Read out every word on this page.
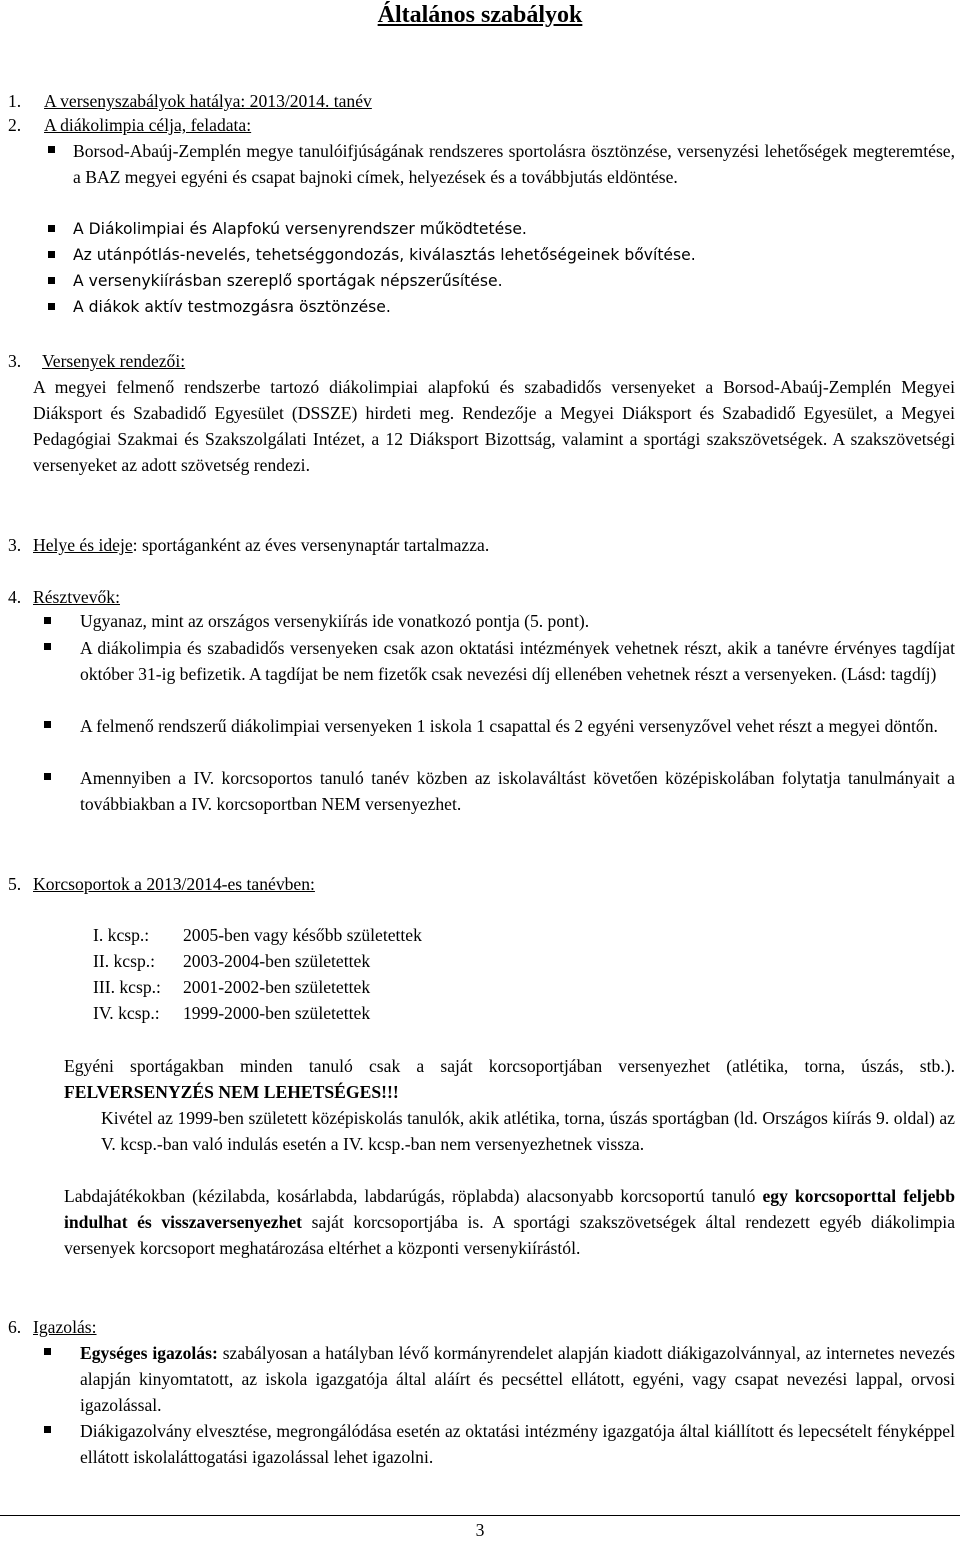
Általános szabályok
1. A versenyszabályok hatálya: 2013/2014. tanév
2. A diákolimpia célja, feladata:
Borsod-Abaúj-Zemplén megye tanulóifjúságának rendszeres sportolásra ösztönzése, versenyzési lehetőségek megteremtése, a BAZ megyei egyéni és csapat bajnoki címek, helyezések és a továbbjutás eldöntése.
A Diákolimpiai és Alapfokú versenyrendszer működtetése.
Az utánpótlás-nevelés, tehetséggondozás, kiválasztás lehetőségeinek bővítése.
A versenykiírásban szereplő sportágak népszerűsítése.
A diákok aktív testmozgásra ösztönzése.
3. Versenyek rendezői:
A megyei felmenő rendszerbe tartozó diákolimpiai alapfokú és szabadidős versenyeket a Borsod-Abaúj-Zemplén Megyei Diáksport és Szabadidő Egyesület (DSSZE) hirdeti meg. Rendezője a Megyei Diáksport és Szabadidő Egyesület, a Megyei Pedagógiai Szakmai és Szakszolgálati Intézet, a 12 Diáksport Bizottság, valamint a sportági szakszövetségek. A szakszövetségi versenyeket az adott szövetség rendezi.
3. Helye és ideje: sportáganként az éves versenynaptár tartalmazza.
4. Résztvevők:
Ugyanaz, mint az országos versenykiírás ide vonatkozó pontja (5. pont).
A diákolimpia és szabadidős versenyeken csak azon oktatási intézmények vehetnek részt, akik a tanévre érvényes tagdíjat október 31-ig befizetik. A tagdíjat be nem fizetők csak nevezési díj ellenében vehetnek részt a versenyeken. (Lásd: tagdíj)
A felmenő rendszerű diákolimpiai versenyeken 1 iskola 1 csapattal és 2 egyéni versenyzővel vehet részt a megyei döntőn.
Amennyiben a IV. korcsoportos tanuló tanév közben az iskolaváltást követően középiskolában folytatja tanulmányait a továbbiakban a IV. korcsoportban NEM versenyezhet.
5. Korcsoportok a 2013/2014-es tanévben:
I. kcsp.: 2005-ben vagy később születettek
II. kcsp.: 2003-2004-ben születettek
III. kcsp.: 2001-2002-ben születettek
IV. kcsp.: 1999-2000-ben születettek
Egyéni sportágakban minden tanuló csak a saját korcsoportjában versenyezhet (atlétika, torna, úszás, stb.). FELVERSENYZÉS NEM LEHETSÉGES!!!
Kivétel az 1999-ben született középiskolás tanulók, akik atlétika, torna, úszás sportágban (ld. Országos kiírás 9. oldal) az V. kcsp.-ban való indulás esetén a IV. kcsp.-ban nem versenyezhetnek vissza.
Labdajátékokban (kézilabda, kosárlabda, labdarúgás, röplabda) alacsonyabb korcsoportú tanuló egy korcsoporttal feljebb indulhat és visszaversenyezhet saját korcsoportjába is. A sportági szakszövetségek által rendezett egyéb diákolimpia versenyek korcsoport meghatározása eltérhet a központi versenykiírástól.
6. Igazolás:
Egységes igazolás: szabályosan a hatályban lévő kormányrendelet alapján kiadott diákigazolvánnyal, az internetes nevezés alapján kinyomtatott, az iskola igazgatója által aláírt és pecséttel ellátott, egyéni, vagy csapat nevezési lappal, orvosi igazolással.
Diákigazolvány elvesztése, megrongálódása esetén az oktatási intézmény igazgatója által kiállított és lepecsételt fényképpel ellátott iskolaláttogatási igazolással lehet igazolni.
3
